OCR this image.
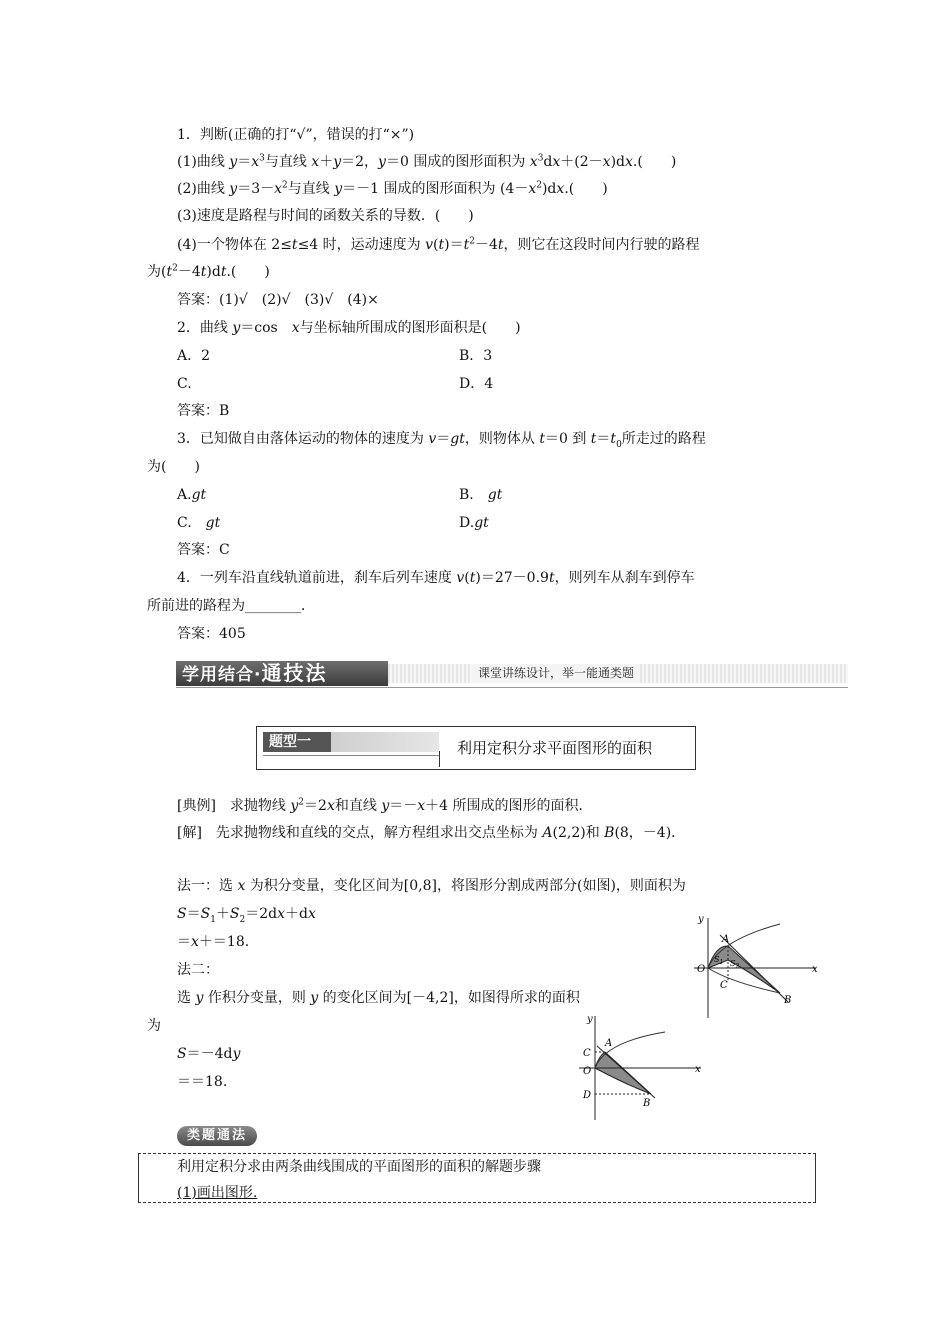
1．判断(正确的打“√”，错误的打“×”)
(1)曲线 $y=x^3$与直线 x＋y＝2，y＝0 围成的图形面积为 $x^3dx+(2-x)dx$.(　　)
(2)曲线 $y=3-x^2$与直线 y＝－1 围成的图形面积为 $(4-x^2)dx$.(　　)
(3)速度是路程与时间的函数关系的导数．(　　)
(4)一个物体在 2≤t≤4 时，运动速度为 $v(t)=t^2-4t$，则它在这段时间内行驶的路程
为$(t^2-4t)dt$.(　　)
答案：(1)√　(2)√　(3)√　(4)×
2．曲线 y＝cos　x与坐标轴所围成的图形面积是(　　)
A．2	B．3
C.	D．4
答案：B
3．已知做自由落体运动的物体的速度为 v＝gt，则物体从 t＝0 到 $t=t_0$所走过的路程
为(　　)
A.gt	B.　gt
C.　gt	D.gt
答案：C
4．一列车沿直线轨道前进，刹车后列车速度 v(t)＝27－0.9t，则列车从刹车到停车
所前进的路程为________．
答案：405
学用结合·通技法	课堂讲练设计，举一能通类题
题型一	利用定积分求平面图形的面积
[典例]　求抛物线 $y^2=2x$和直线 y＝－x＋4 所围成的图形的面积．
[解]　先求抛物线和直线的交点，解方程组求出交点坐标为 A(2,2)和 B(8，－4)．
法一：选 x 为积分变量，变化区间为[0,8]，将图形分割成两部分(如图)，则面积为
$S=S_1+S_2=2dx+dx$
＝x＋＝18.
法二：
选 y 作积分变量，则 y 的变化区间为[－4,2]，如图得所求的面积
为
S＝－4dy
＝＝18.
y
x
A
O
C
B
$S_1$ $S_2$
y
x
A
C
O
D
B
类题通法
利用定积分求由两条曲线围成的平面图形的面积的解题步骤
(1)画出图形.
